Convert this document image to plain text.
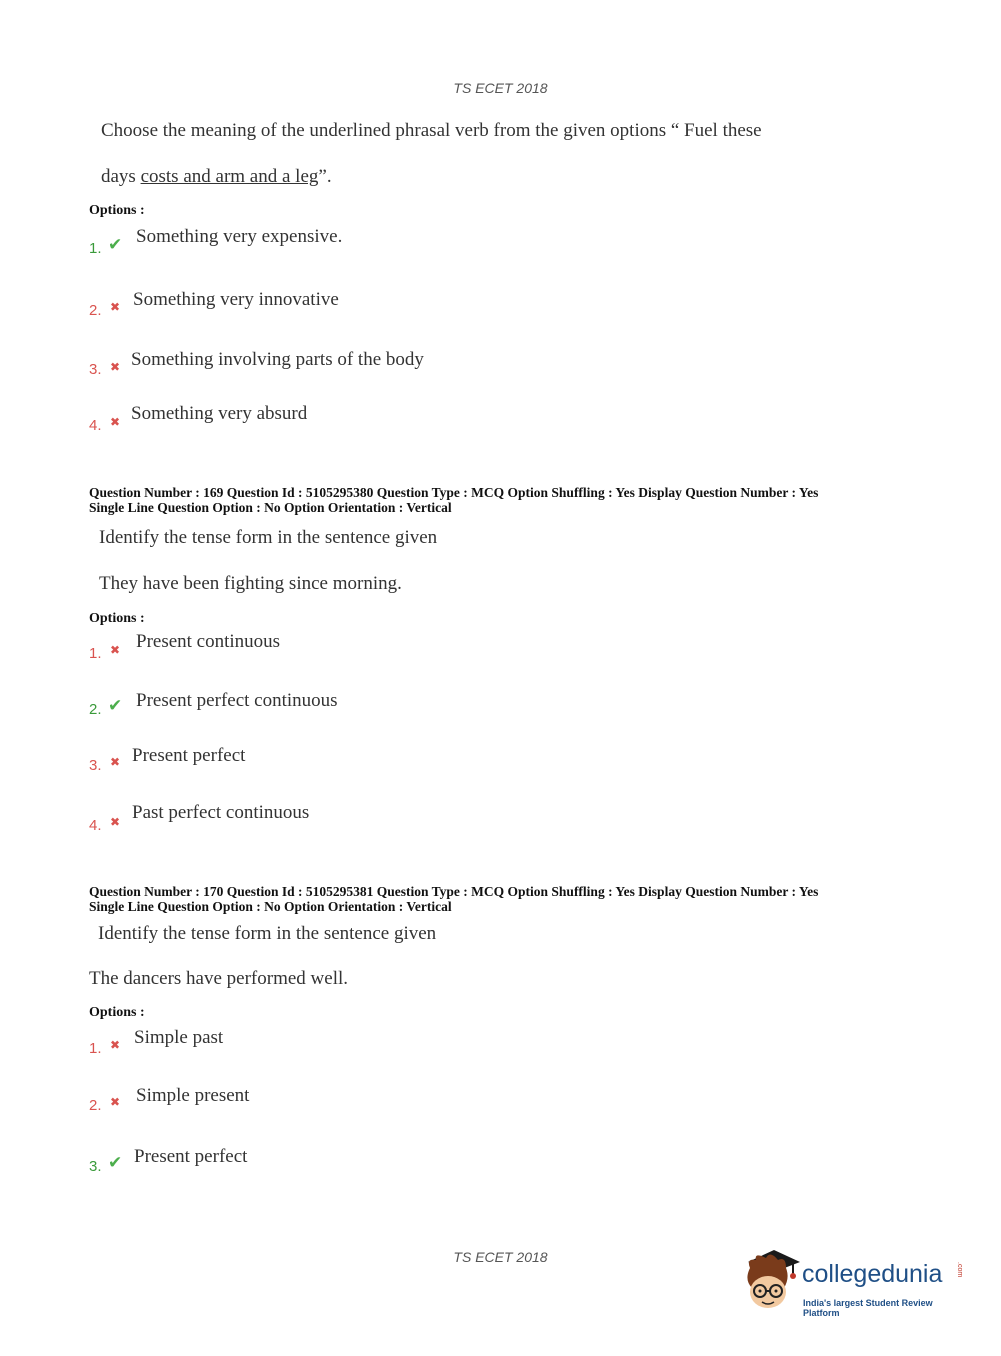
TS ECET 2018
Choose the meaning of the underlined phrasal verb from the given options “ Fuel these
days costs and arm and a leg”.
Options :
1. ✔ Something very expensive.
2. ✖ Something very innovative
3. ✖ Something involving parts of the body
4. ✖ Something very absurd
Question Number : 169 Question Id : 5105295380 Question Type : MCQ Option Shuffling : Yes Display Question Number : Yes
Single Line Question Option : No Option Orientation : Vertical
Identify the tense form in the sentence given
They have been fighting since morning.
Options :
1. ✖ Present continuous
2. ✔ Present perfect continuous
3. ✖ Present perfect
4. ✖ Past perfect continuous
Question Number : 170 Question Id : 5105295381 Question Type : MCQ Option Shuffling : Yes Display Question Number : Yes
Single Line Question Option : No Option Orientation : Vertical
Identify the tense form in the sentence given
The dancers have performed well.
Options :
1. ✖ Simple past
2. ✖ Simple present
3. ✔ Present perfect
TS ECET 2018
collegedunia .com
India's largest Student Review Platform
